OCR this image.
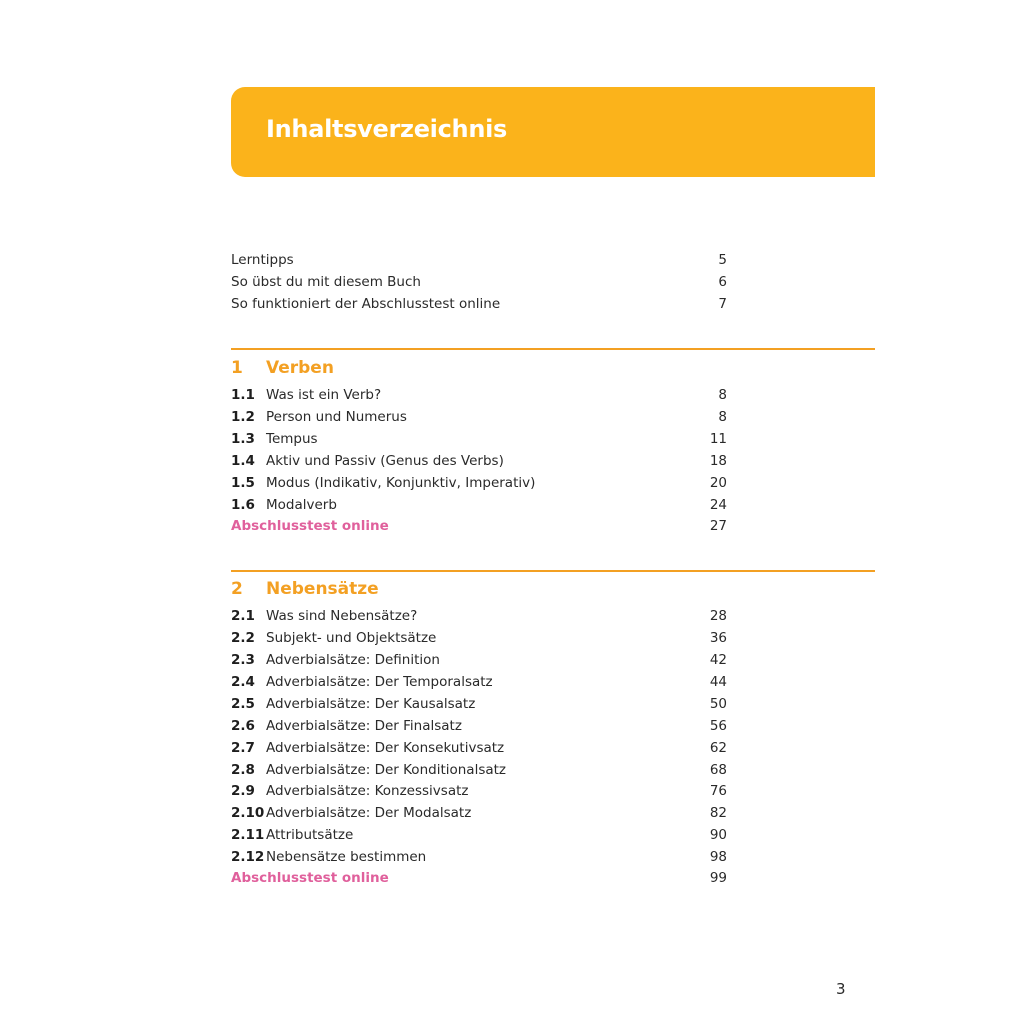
Inhaltsverzeichnis
Lerntipps	5
So übst du mit diesem Buch	6
So funktioniert der Abschlusstest online	7
1 Verben
1.1 Was ist ein Verb?	8
1.2 Person und Numerus	8
1.3 Tempus	11
1.4 Aktiv und Passiv (Genus des Verbs)	18
1.5 Modus (Indikativ, Konjunktiv, Imperativ)	20
1.6 Modalverb	24
Abschlusstest online	27
2 Nebensätze
2.1 Was sind Nebensätze?	28
2.2 Subjekt- und Objektsätze	36
2.3 Adverbialsätze: Definition	42
2.4 Adverbialsätze: Der Temporalsatz	44
2.5 Adverbialsätze: Der Kausalsatz	50
2.6 Adverbialsätze: Der Finalsatz	56
2.7 Adverbialsätze: Der Konsekutivsatz	62
2.8 Adverbialsätze: Der Konditionalsatz	68
2.9 Adverbialsätze: Konzessivsatz	76
2.10 Adverbialsätze: Der Modalsatz	82
2.11 Attributsätze	90
2.12 Nebensätze bestimmen	98
Abschlusstest online	99
3
